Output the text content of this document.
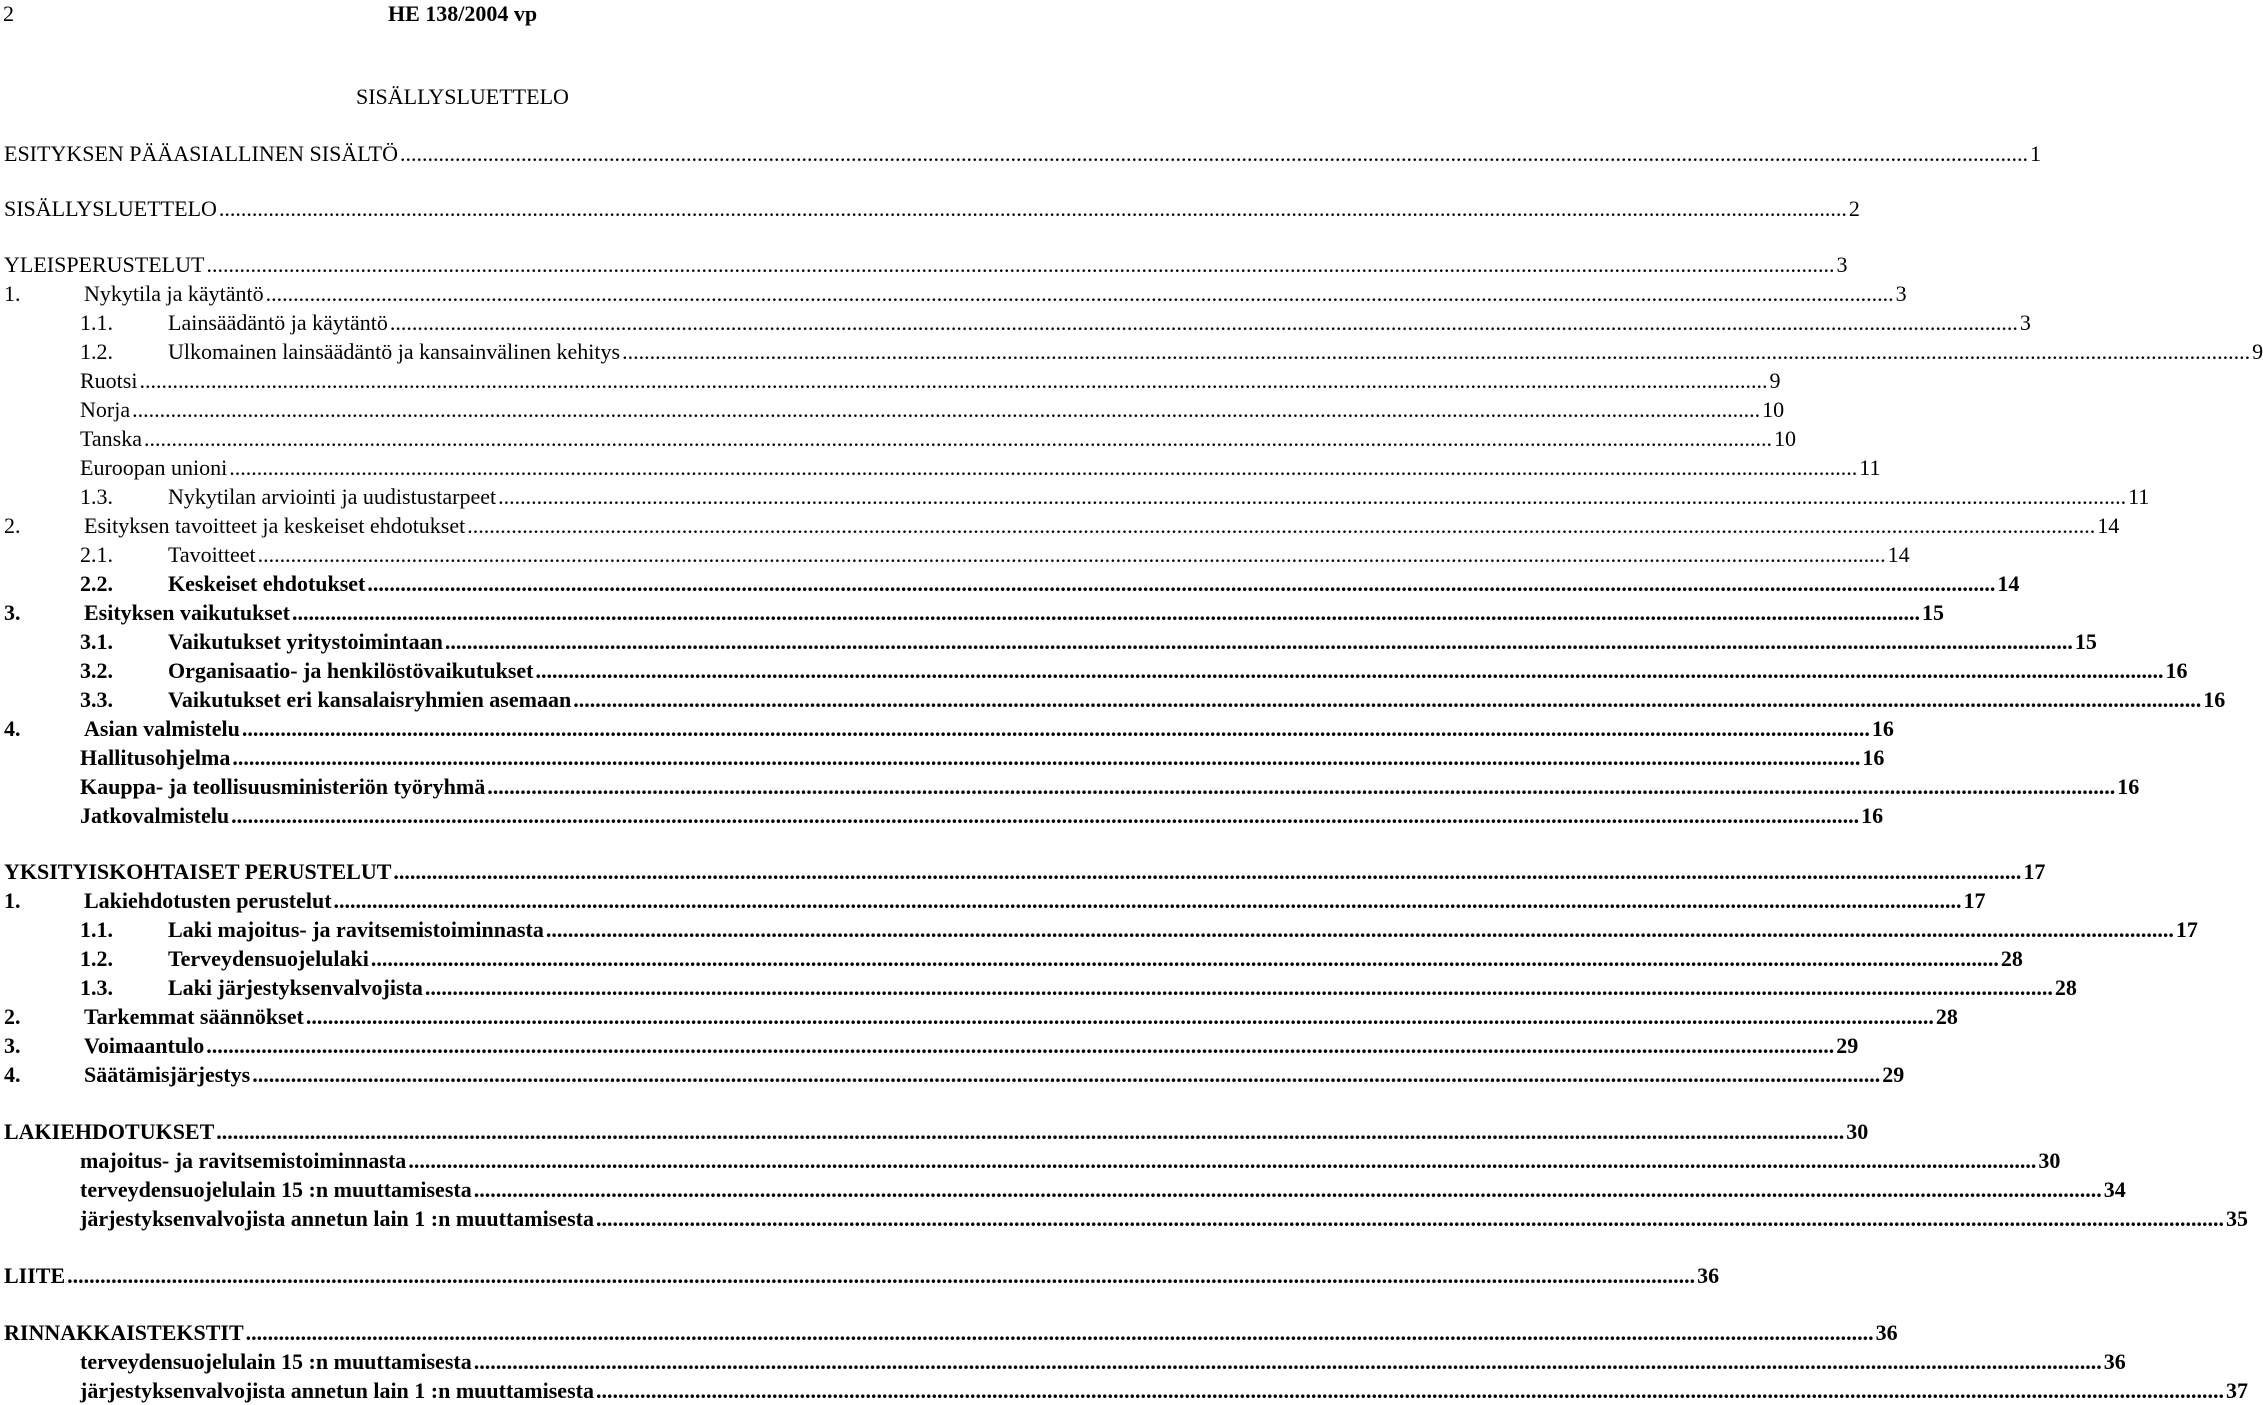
2	HE 138/2004 vp
SISÄLLYSLUETTELO
ESITYKSEN PÄÄASIALLINEN SISÄLTÖ .....	1
SISÄLLYSLUETTELO .....	2
YLEISPERUSTELUT .....	3
1.	Nykytila ja käytäntö .....	3
1.1.	Lainsäädäntö ja käytäntö .....	3
1.2.	Ulkomainen lainsäädäntö ja kansainvälinen kehitys .....	9
Ruotsi .....	9
Norja .....	10
Tanska .....	10
Euroopan unioni .....	11
1.3.	Nykytilan arviointi ja uudistustarpeet .....	11
2.	Esityksen tavoitteet ja keskeiset ehdotukset .....	14
2.1.	Tavoitteet .....	14
2.2.	Keskeiset ehdotukset .....	14
3.	Esityksen vaikutukset .....	15
3.1.	Vaikutukset yritystoimintaan .....	15
3.2.	Organisaatio- ja henkilöstövaikutukset .....	16
3.3.	Vaikutukset eri kansalaisryhmien asemaan .....	16
4.	Asian valmistelu .....	16
Hallitusohjelma .....	16
Kauppa- ja teollisuusministeriön työryhmä .....	16
Jatkovalmistelu .....	16
YKSITYISKOHTAISET PERUSTELUT .....	17
1.	Lakiehdotusten perustelut .....	17
1.1.	Laki majoitus- ja ravitsemistoiminnasta .....	17
1.2.	Terveydensuojelulaki .....	28
1.3.	Laki järjestyksenvalvojista .....	28
2.	Tarkemmat säännökset .....	28
3.	Voimaantulo .....	29
4.	Säätämisjärjestys .....	29
LAKIEHDOTUKSET .....	30
majoitus- ja ravitsemistoiminnasta .....	30
terveydensuojelulain 15 :n muuttamisesta .....	34
järjestyksenvalvojista annetun lain 1 :n muuttamisesta .....	35
LIITE .....	36
RINNAKKAISTEKSTIT .....	36
terveydensuojelulain 15 :n muuttamisesta .....	36
järjestyksenvalvojista annetun lain 1 :n muuttamisesta .....	37
